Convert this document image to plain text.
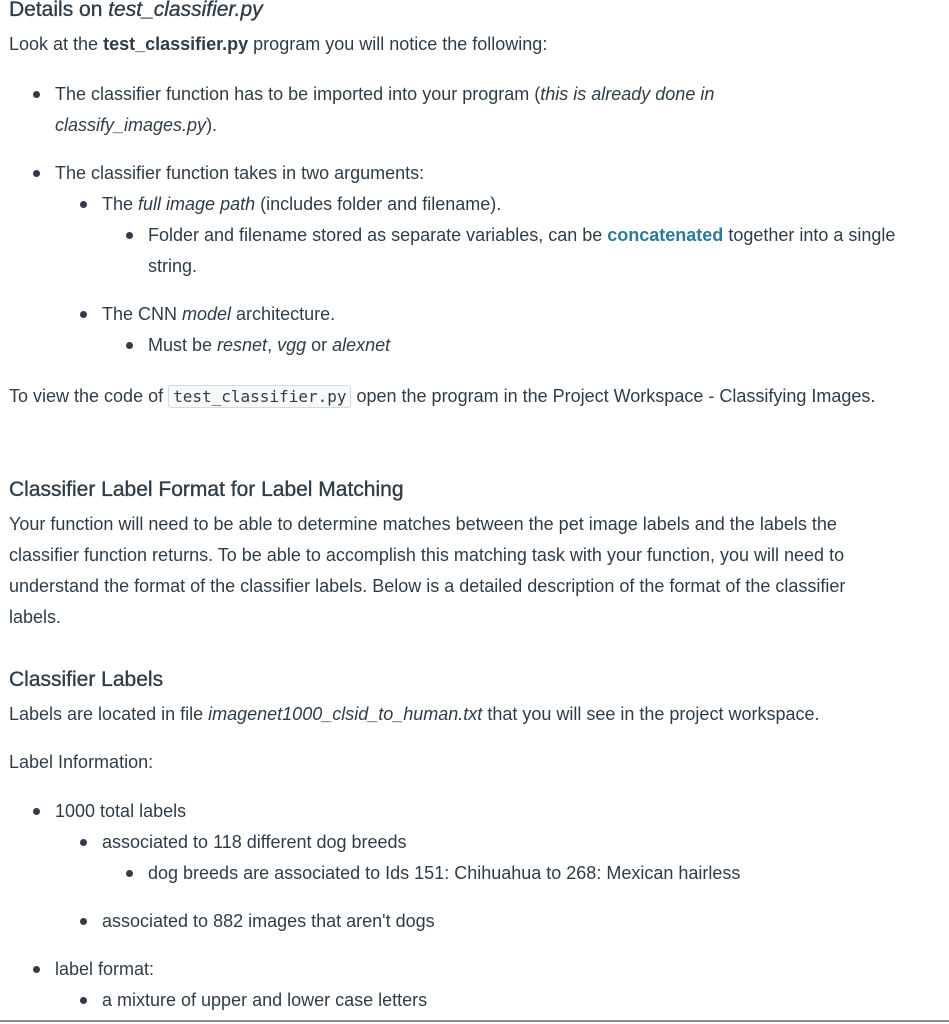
Details on test_classifier.py

Look at the test_classifier.py program you will notice the following:

The classifier function has to be imported into your program (this is already done in classify_images.py).
The classifier function takes in two arguments:
The full image path (includes folder and filename).
Folder and filename stored as separate variables, can be concatenated together into a single string.
The CNN model architecture.
Must be resnet, vgg or alexnet

To view the code of test_classifier.py open the program in the Project Workspace - Classifying Images.

Classifier Label Format for Label Matching

Your function will need to be able to determine matches between the pet image labels and the labels the classifier function returns. To be able to accomplish this matching task with your function, you will need to understand the format of the classifier labels. Below is a detailed description of the format of the classifier labels.

Classifier Labels

Labels are located in file imagenet1000_clsid_to_human.txt that you will see in the project workspace.

Label Information:

1000 total labels
associated to 118 different dog breeds
dog breeds are associated to Ids 151: Chihuahua to 268: Mexican hairless
associated to 882 images that aren't dogs
label format:
a mixture of upper and lower case letters
